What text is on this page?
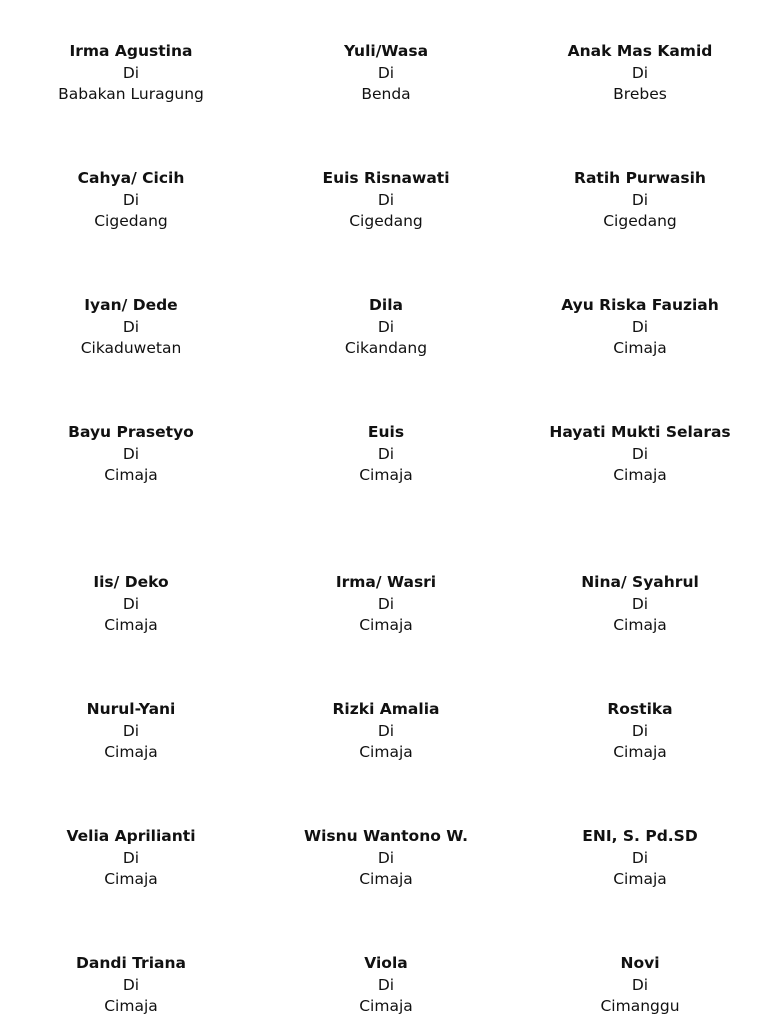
Irma Agustina
Di
Babakan Luragung
Yuli/Wasa
Di
Benda
Anak Mas Kamid
Di
Brebes
Cahya/ Cicih
Di
Cigedang
Euis Risnawati
Di
Cigedang
Ratih Purwasih
Di
Cigedang
Iyan/ Dede
Di
Cikaduwetan
Dila
Di
Cikandang
Ayu Riska Fauziah
Di
Cimaja
Bayu Prasetyo
Di
Cimaja
Euis
Di
Cimaja
Hayati Mukti Selaras
Di
Cimaja
Iis/ Deko
Di
Cimaja
Irma/ Wasri
Di
Cimaja
Nina/ Syahrul
Di
Cimaja
Nurul-Yani
Di
Cimaja
Rizki Amalia
Di
Cimaja
Rostika
Di
Cimaja
Velia Aprilianti
Di
Cimaja
Wisnu Wantono W.
Di
Cimaja
ENI, S. Pd.SD
Di
Cimaja
Dandi Triana
Di
Cimaja
Viola
Di
Cimaja
Novi
Di
Cimanggu
